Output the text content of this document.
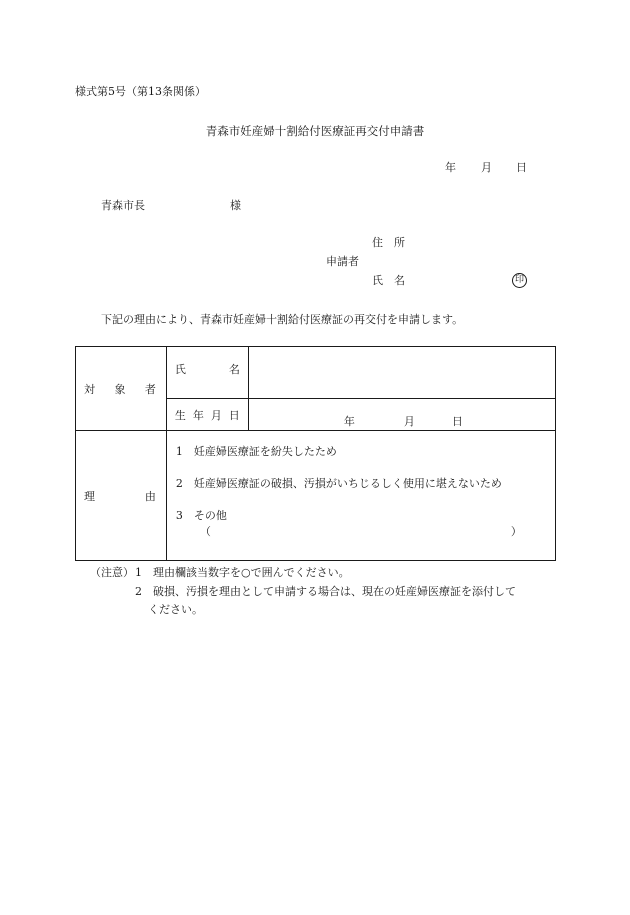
様式第5号（第13条関係）
青森市妊産婦十割給付医療証再交付申請書
年 月 日
青森市長	様
住　所
申請者
氏　名	印
下記の理由により、青森市妊産婦十割給付医療証の再交付を申請します。
対 象 者	氏 名	

	生 年 月 日	年 月 日

理 由	1　妊産婦医療証を紛失したため
2　妊産婦医療証の破損、汚損がいちじるしく使用に堪えないため
3　その他
（ ）	
（注意） 1　理由欄該当数字を○で囲んでください。
2　破損、汚損を理由として申請する場合は、現在の妊産婦医療証を添付して
ください。
